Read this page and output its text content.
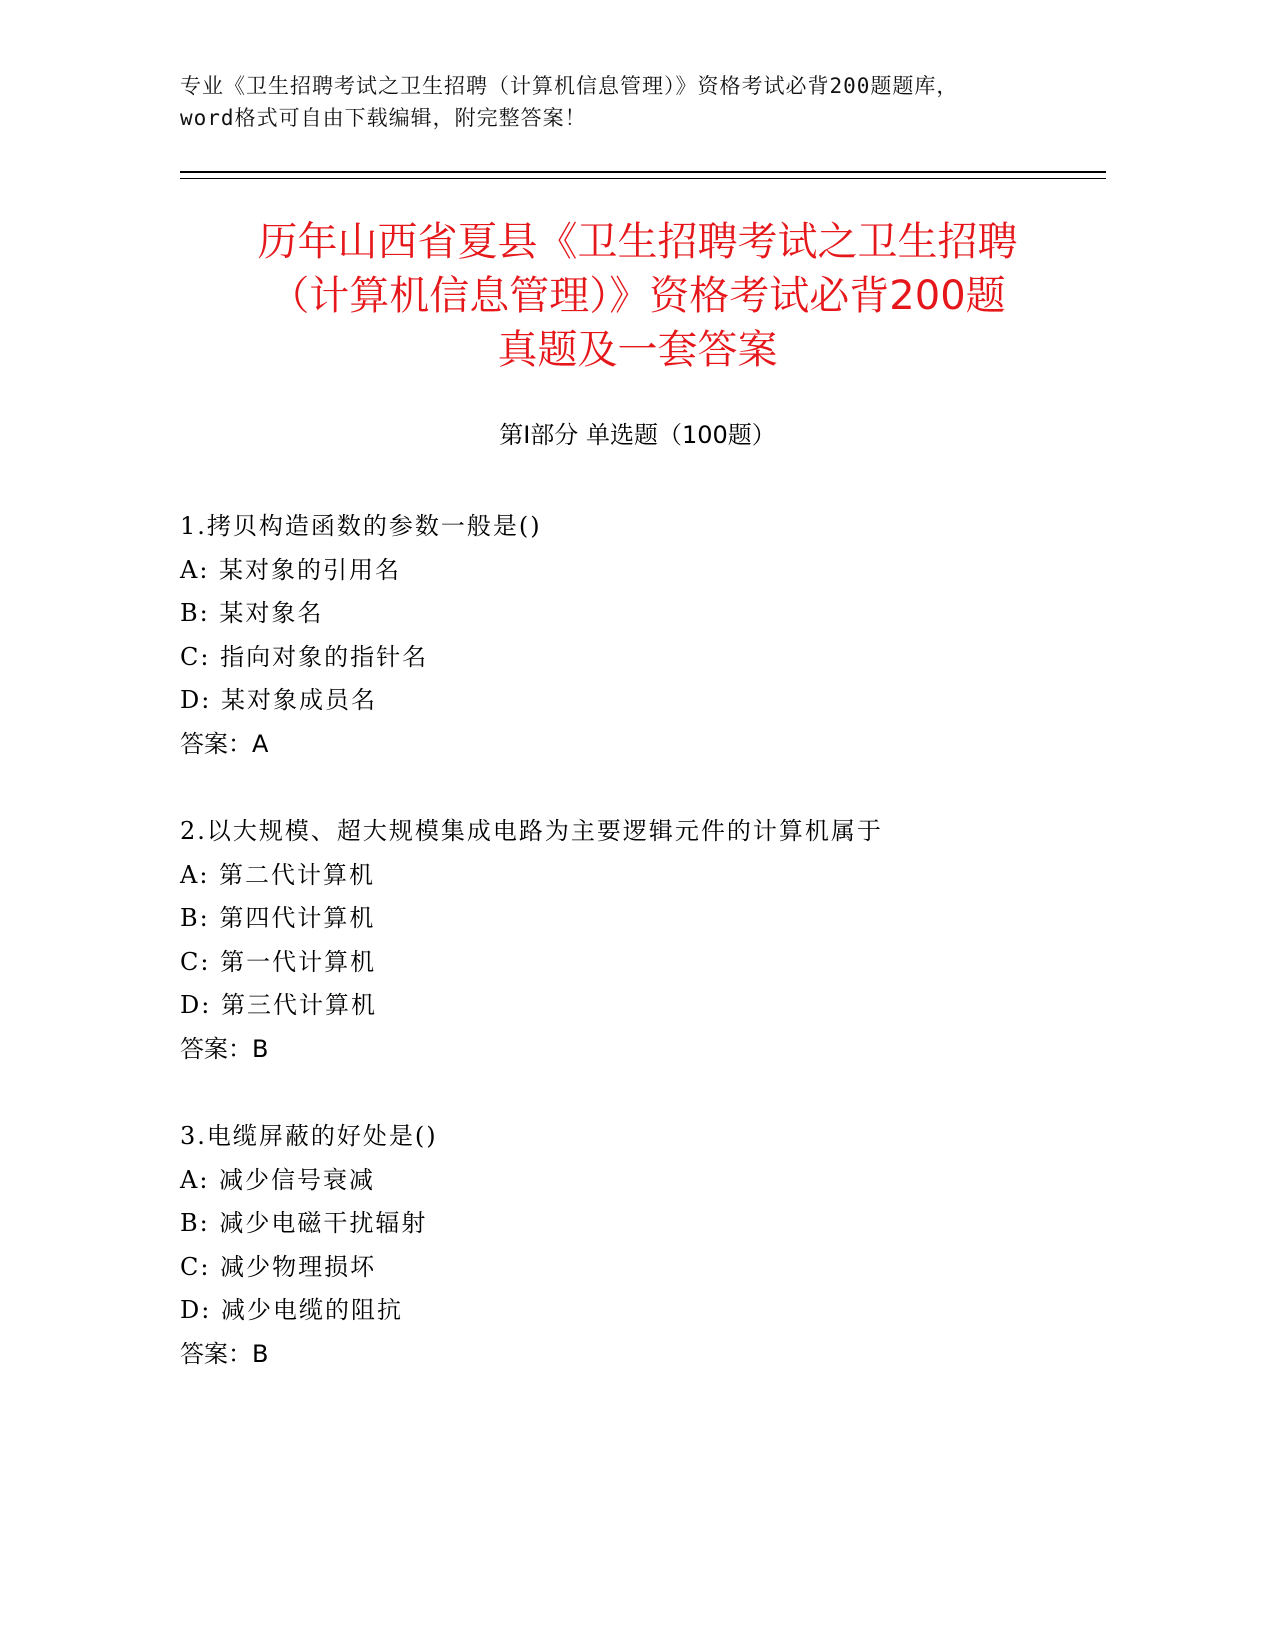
专业《卫生招聘考试之卫生招聘（计算机信息管理）》资格考试必背200题题库，
word格式可自由下载编辑，附完整答案！
历年山西省夏县《卫生招聘考试之卫生招聘
（计算机信息管理）》资格考试必背200题
真题及一套答案
第Ⅰ部分 单选题（100题）
1.拷贝构造函数的参数一般是()
A: 某对象的引用名
B: 某对象名
C: 指向对象的指针名
D: 某对象成员名
答案：A
2.以大规模、超大规模集成电路为主要逻辑元件的计算机属于
A: 第二代计算机
B: 第四代计算机
C: 第一代计算机
D: 第三代计算机
答案：B
3.电缆屏蔽的好处是()
A: 减少信号衰减
B: 减少电磁干扰辐射
C: 减少物理损坏
D: 减少电缆的阻抗
答案：B
